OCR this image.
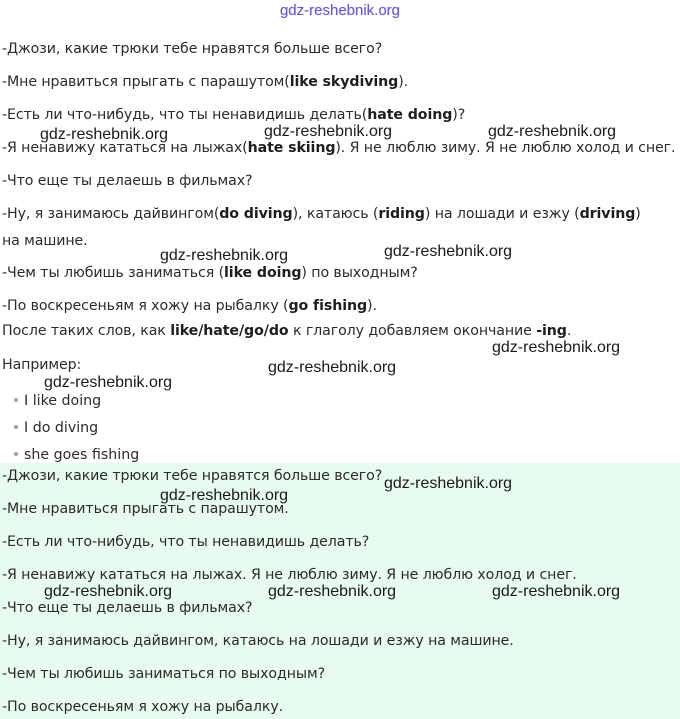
gdz-reshebnik.org
-Джози, какие трюки тебе нравятся больше всего?
-Мне нравиться прыгать с парашутом(like skydiving).
-Есть ли что-нибудь, что ты ненавидишь делать(hate doing)?
-Я ненавижу кататься на лыжах(hate skiing). Я не люблю зиму. Я не люблю холод и снег.
-Что еще ты делаешь в фильмах?
-Ну, я занимаюсь дайвингом(do diving), катаюсь (riding) на лошади и езжу (driving) на машине.
-Чем ты любишь заниматься (like doing) по выходным?
-По воскресеньям я хожу на рыбалку (go fishing).
После таких слов, как like/hate/go/do к глаголу добавляем окончание -ing.
Например:
I like doing
I do diving
she goes fishing
-Джози, какие трюки тебе нравятся больше всего?
-Мне нравиться прыгать с парашутом.
-Есть ли что-нибудь, что ты ненавидишь делать?
-Я ненавижу кататься на лыжах. Я не люблю зиму. Я не люблю холод и снег.
-Что еще ты делаешь в фильмах?
-Ну, я занимаюсь дайвингом, катаюсь на лошади и езжу на машине.
-Чем ты любишь заниматься по выходным?
-По воскресеньям я хожу на рыбалку.
gdz-reshebnik.org	gdz-reshebnik.org	gdz-reshebnik.org
gdz-reshebnik.org	gdz-reshebnik.org
gdz-reshebnik.org
gdz-reshebnik.org
gdz-reshebnik.org
gdz-reshebnik.org
gdz-reshebnik.org
gdz-reshebnik.org	gdz-reshebnik.org	gdz-reshebnik.org
